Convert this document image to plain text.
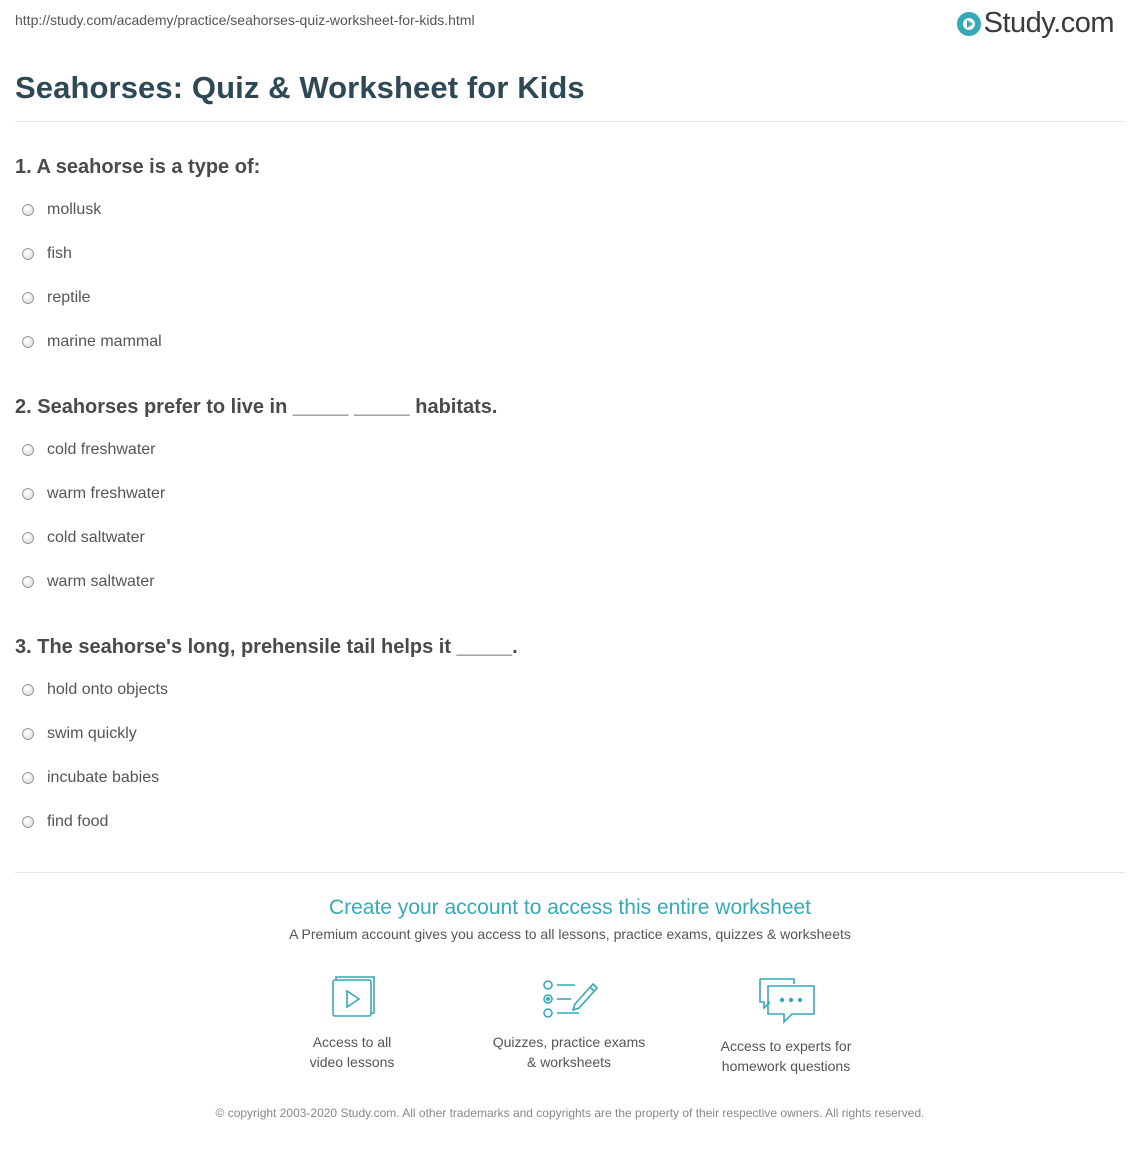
http://study.com/academy/practice/seahorses-quiz-worksheet-for-kids.html	Study.com
Seahorses: Quiz & Worksheet for Kids
1. A seahorse is a type of:
mollusk
fish
reptile
marine mammal
2. Seahorses prefer to live in _____ _____ habitats.
cold freshwater
warm freshwater
cold saltwater
warm saltwater
3. The seahorse's long, prehensile tail helps it _____.
hold onto objects
swim quickly
incubate babies
find food
Create your account to access this entire worksheet
A Premium account gives you access to all lessons, practice exams, quizzes & worksheets
Access to all
video lessons
Quizzes, practice exams
& worksheets
Access to experts for
homework questions
© copyright 2003-2020 Study.com. All other trademarks and copyrights are the property of their respective owners. All rights reserved.
